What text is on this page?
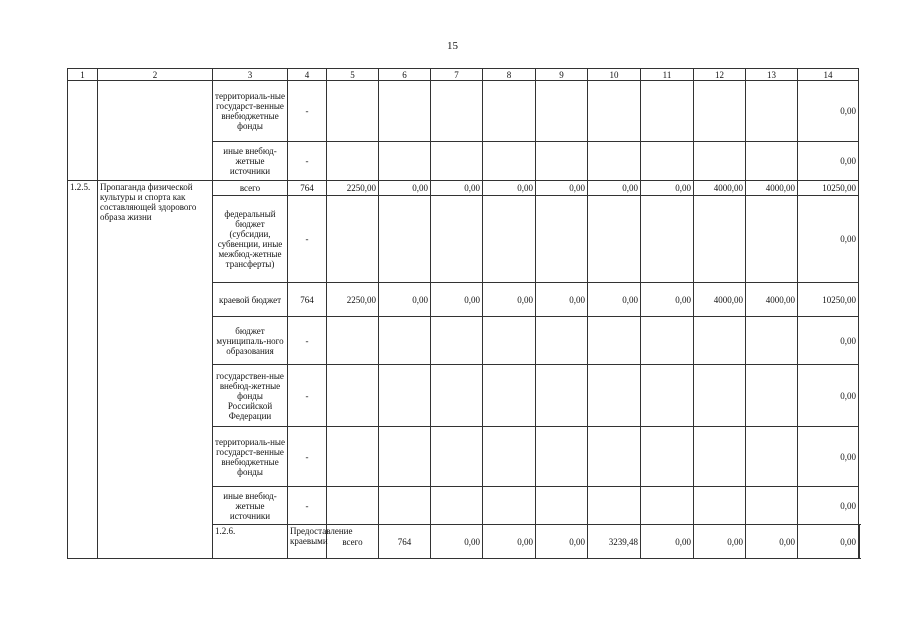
15
1	2	3	4	5	6	7	8	9	10	11	12	13	14	
		территориаль-ные государст-венные внебюджетные фонды	-										0,00	
		иные внебюд-жетные источники	-										0,00	
1.2.5.	Пропаганда физической культуры и спорта как составляющей здорового образа жизни	всего	764	2250,00	0,00	0,00	0,00	0,00	0,00	0,00	4000,00	4000,00	10250,00	
		федеральный бюджет (субсидии, субвенции, иные межбюд-жетные трансферты)	-										0,00	
		краевой бюджет	764	2250,00	0,00	0,00	0,00	0,00	0,00	0,00	4000,00	4000,00	10250,00	
		бюджет муниципаль-ного образования	-										0,00	
		государствен-ные внебюд-жетные фонды Российской Федерации	-										0,00	
		территориаль-ные государст-венные внебюджетные фонды	-										0,00	
		иные внебюд-жетные источники	-										0,00	
		1.2.6.	Предоставление краевыми	всего	764	0,00	0,00	0,00	3239,48	0,00	0,00	0,00	0,00		
